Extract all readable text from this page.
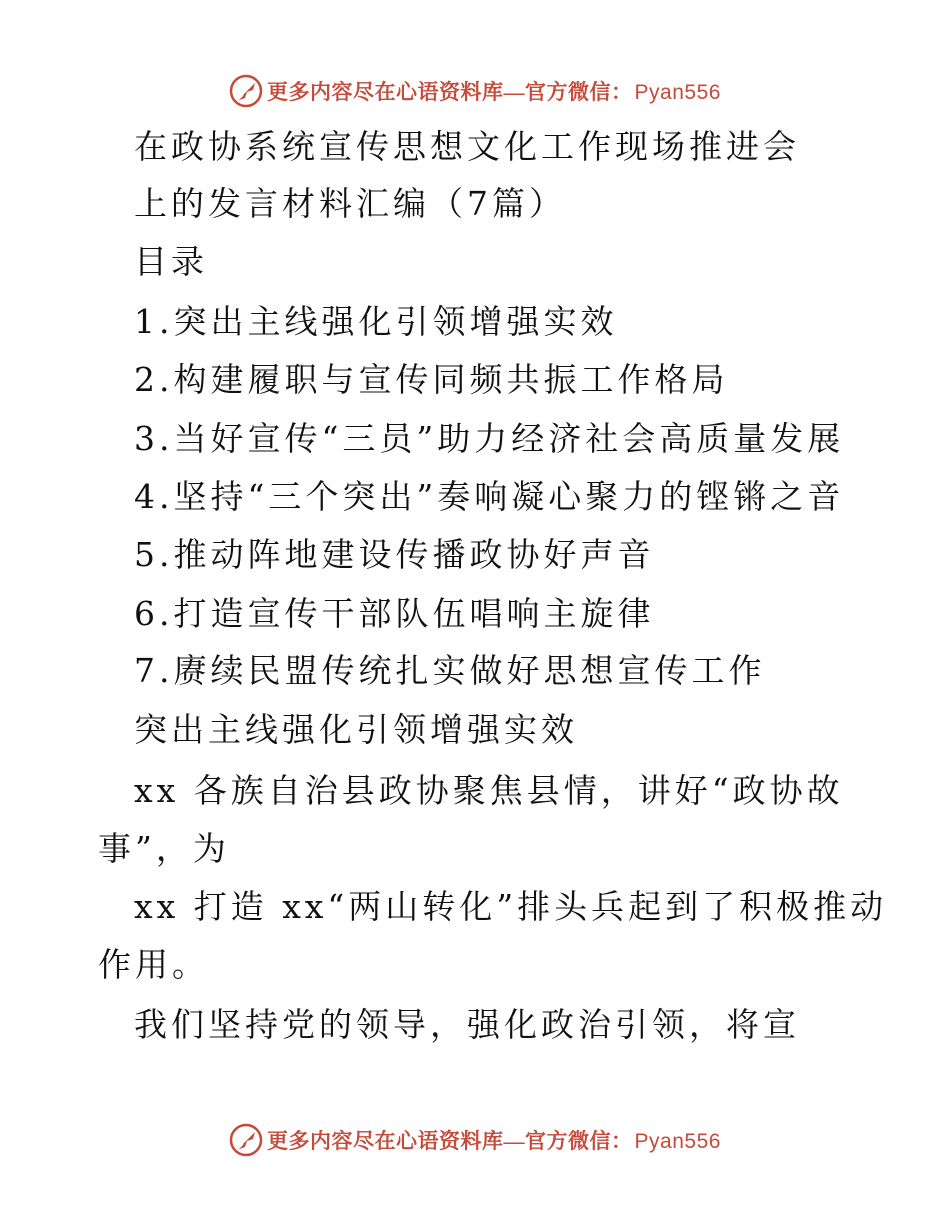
更多内容尽在心语资料库—官方微信：Pyan556
在政协系统宣传思想文化工作现场推进会
上的发言材料汇编（7篇）
目录
1.突出主线强化引领增强实效
2.构建履职与宣传同频共振工作格局
3.当好宣传“三员”助力经济社会高质量发展
4.坚持“三个突出”奏响凝心聚力的铿锵之音
5.推动阵地建设传播政协好声音
6.打造宣传干部队伍唱响主旋律
7.赓续民盟传统扎实做好思想宣传工作
突出主线强化引领增强实效
xx 各族自治县政协聚焦县情，讲好“政协故
事”，为
xx 打造 xx“两山转化”排头兵起到了积极推动
作用。
我们坚持党的领导，强化政治引领，将宣
更多内容尽在心语资料库—官方微信：Pyan556
